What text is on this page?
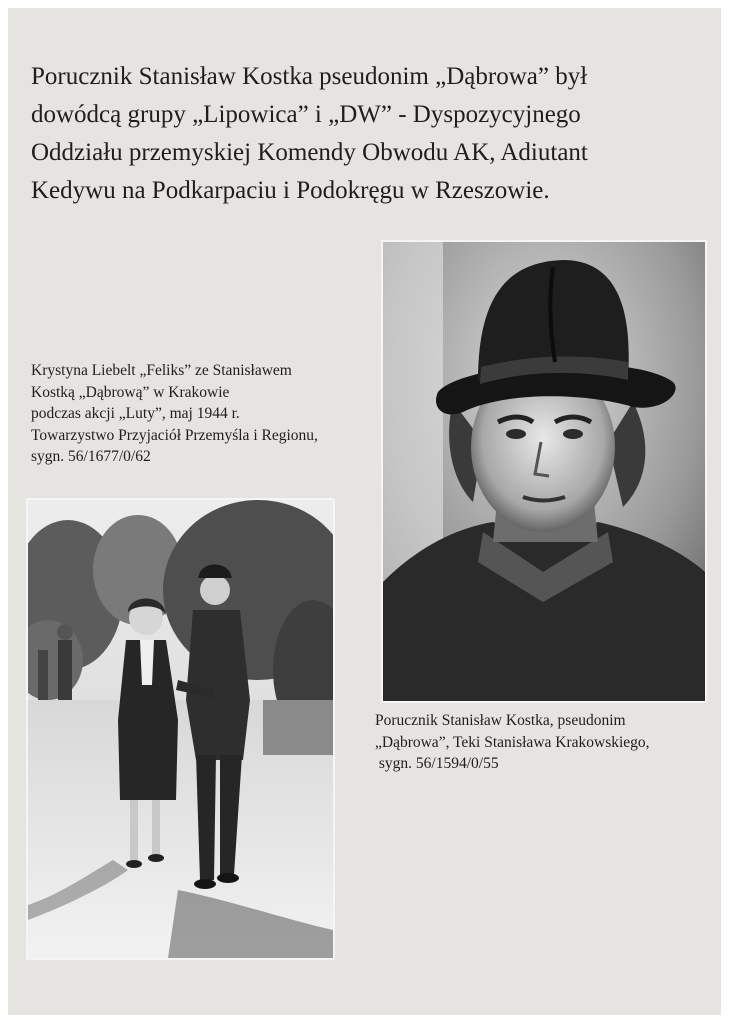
Porucznik Stanisław Kostka pseudonim „Dąbrowa” był
dowódcą grupy „Lipowica” i „DW” - Dyspozycyjnego
Oddziału przemyskiej Komendy Obwodu AK, Adiutant
Kedywu na Podkarpaciu i Podokręgu w Rzeszowie.
Krystyna Liebelt „Feliks” ze Stanisławem
Kostką „Dąbrową” w Krakowie
podczas akcji „Luty”, maj 1944 r.
Towarzystwo Przyjaciół Przemyśla i Regionu,
sygn. 56/1677/0/62
Porucznik Stanisław Kostka, pseudonim
„Dąbrowa”, Teki Stanisława Krakowskiego,
sygn. 56/1594/0/55
